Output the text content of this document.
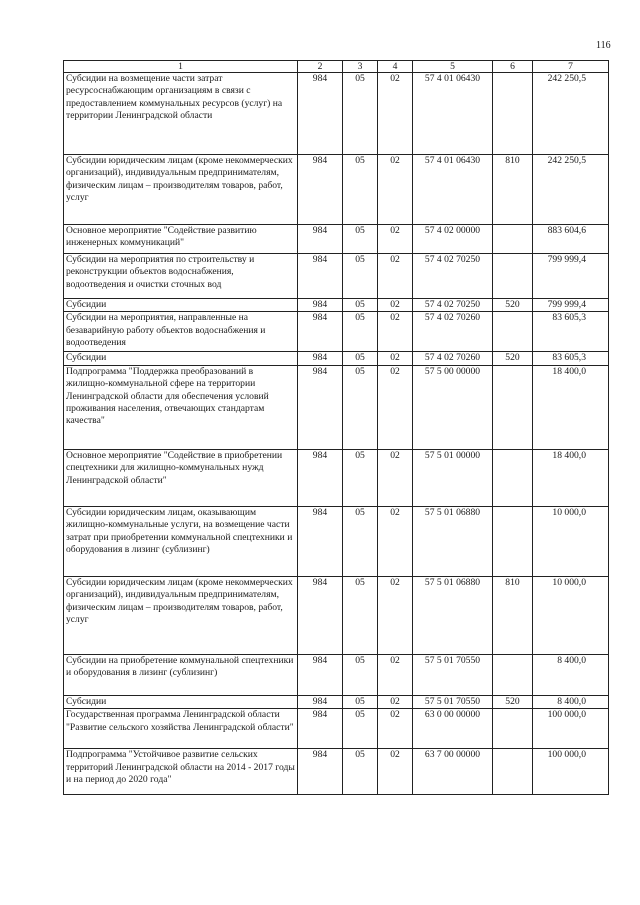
116
1	2	3	4	5	6	7
Субсидии на возмещение части затрат ресурсоснабжающим организациям в связи с предоставлением коммунальных ресурсов (услуг) на территории Ленинградской области	984	05	02	57 4 01 06430		242 250,5
Субсидии юридическим лицам (кроме некоммерческих организаций), индивидуальным предпринимателям, физическим лицам – производителям товаров, работ, услуг	984	05	02	57 4 01 06430	810	242 250,5
Основное мероприятие "Содействие развитию инженерных коммуникаций"	984	05	02	57 4 02 00000		883 604,6
Субсидии на мероприятия по строительству и реконструкции объектов водоснабжения, водоотведения и очистки сточных вод	984	05	02	57 4 02 70250		799 999,4
Субсидии	984	05	02	57 4 02 70250	520	799 999,4
Субсидии на мероприятия, направленные на безаварийную работу объектов водоснабжения и водоотведения	984	05	02	57 4 02 70260		83 605,3
Субсидии	984	05	02	57 4 02 70260	520	83 605,3
Подпрограмма "Поддержка преобразований в жилищно-коммунальной сфере на территории Ленинградской области для обеспечения условий проживания населения, отвечающих стандартам качества"	984	05	02	57 5 00 00000		18 400,0
Основное мероприятие "Содействие в приобретении спецтехники для жилищно-коммунальных нужд Ленинградской области"	984	05	02	57 5 01 00000		18 400,0
Субсидии юридическим лицам, оказывающим жилищно-коммунальные услуги, на возмещение части затрат при приобретении коммунальной спецтехники и оборудования в лизинг (сублизинг)	984	05	02	57 5 01 06880		10 000,0
Субсидии юридическим лицам (кроме некоммерческих организаций), индивидуальным предпринимателям, физическим лицам – производителям товаров, работ, услуг	984	05	02	57 5 01 06880	810	10 000,0
Субсидии на приобретение коммунальной спецтехники и оборудования в лизинг (сублизинг)	984	05	02	57 5 01 70550		8 400,0
Субсидии	984	05	02	57 5 01 70550	520	8 400,0
Государственная программа Ленинградской области "Развитие сельского хозяйства Ленинградской области"	984	05	02	63 0 00 00000		100 000,0
Подпрограмма "Устойчивое развитие сельских территорий Ленинградской области на 2014 - 2017 годы и на период до 2020 года"	984	05	02	63 7 00 00000		100 000,0
